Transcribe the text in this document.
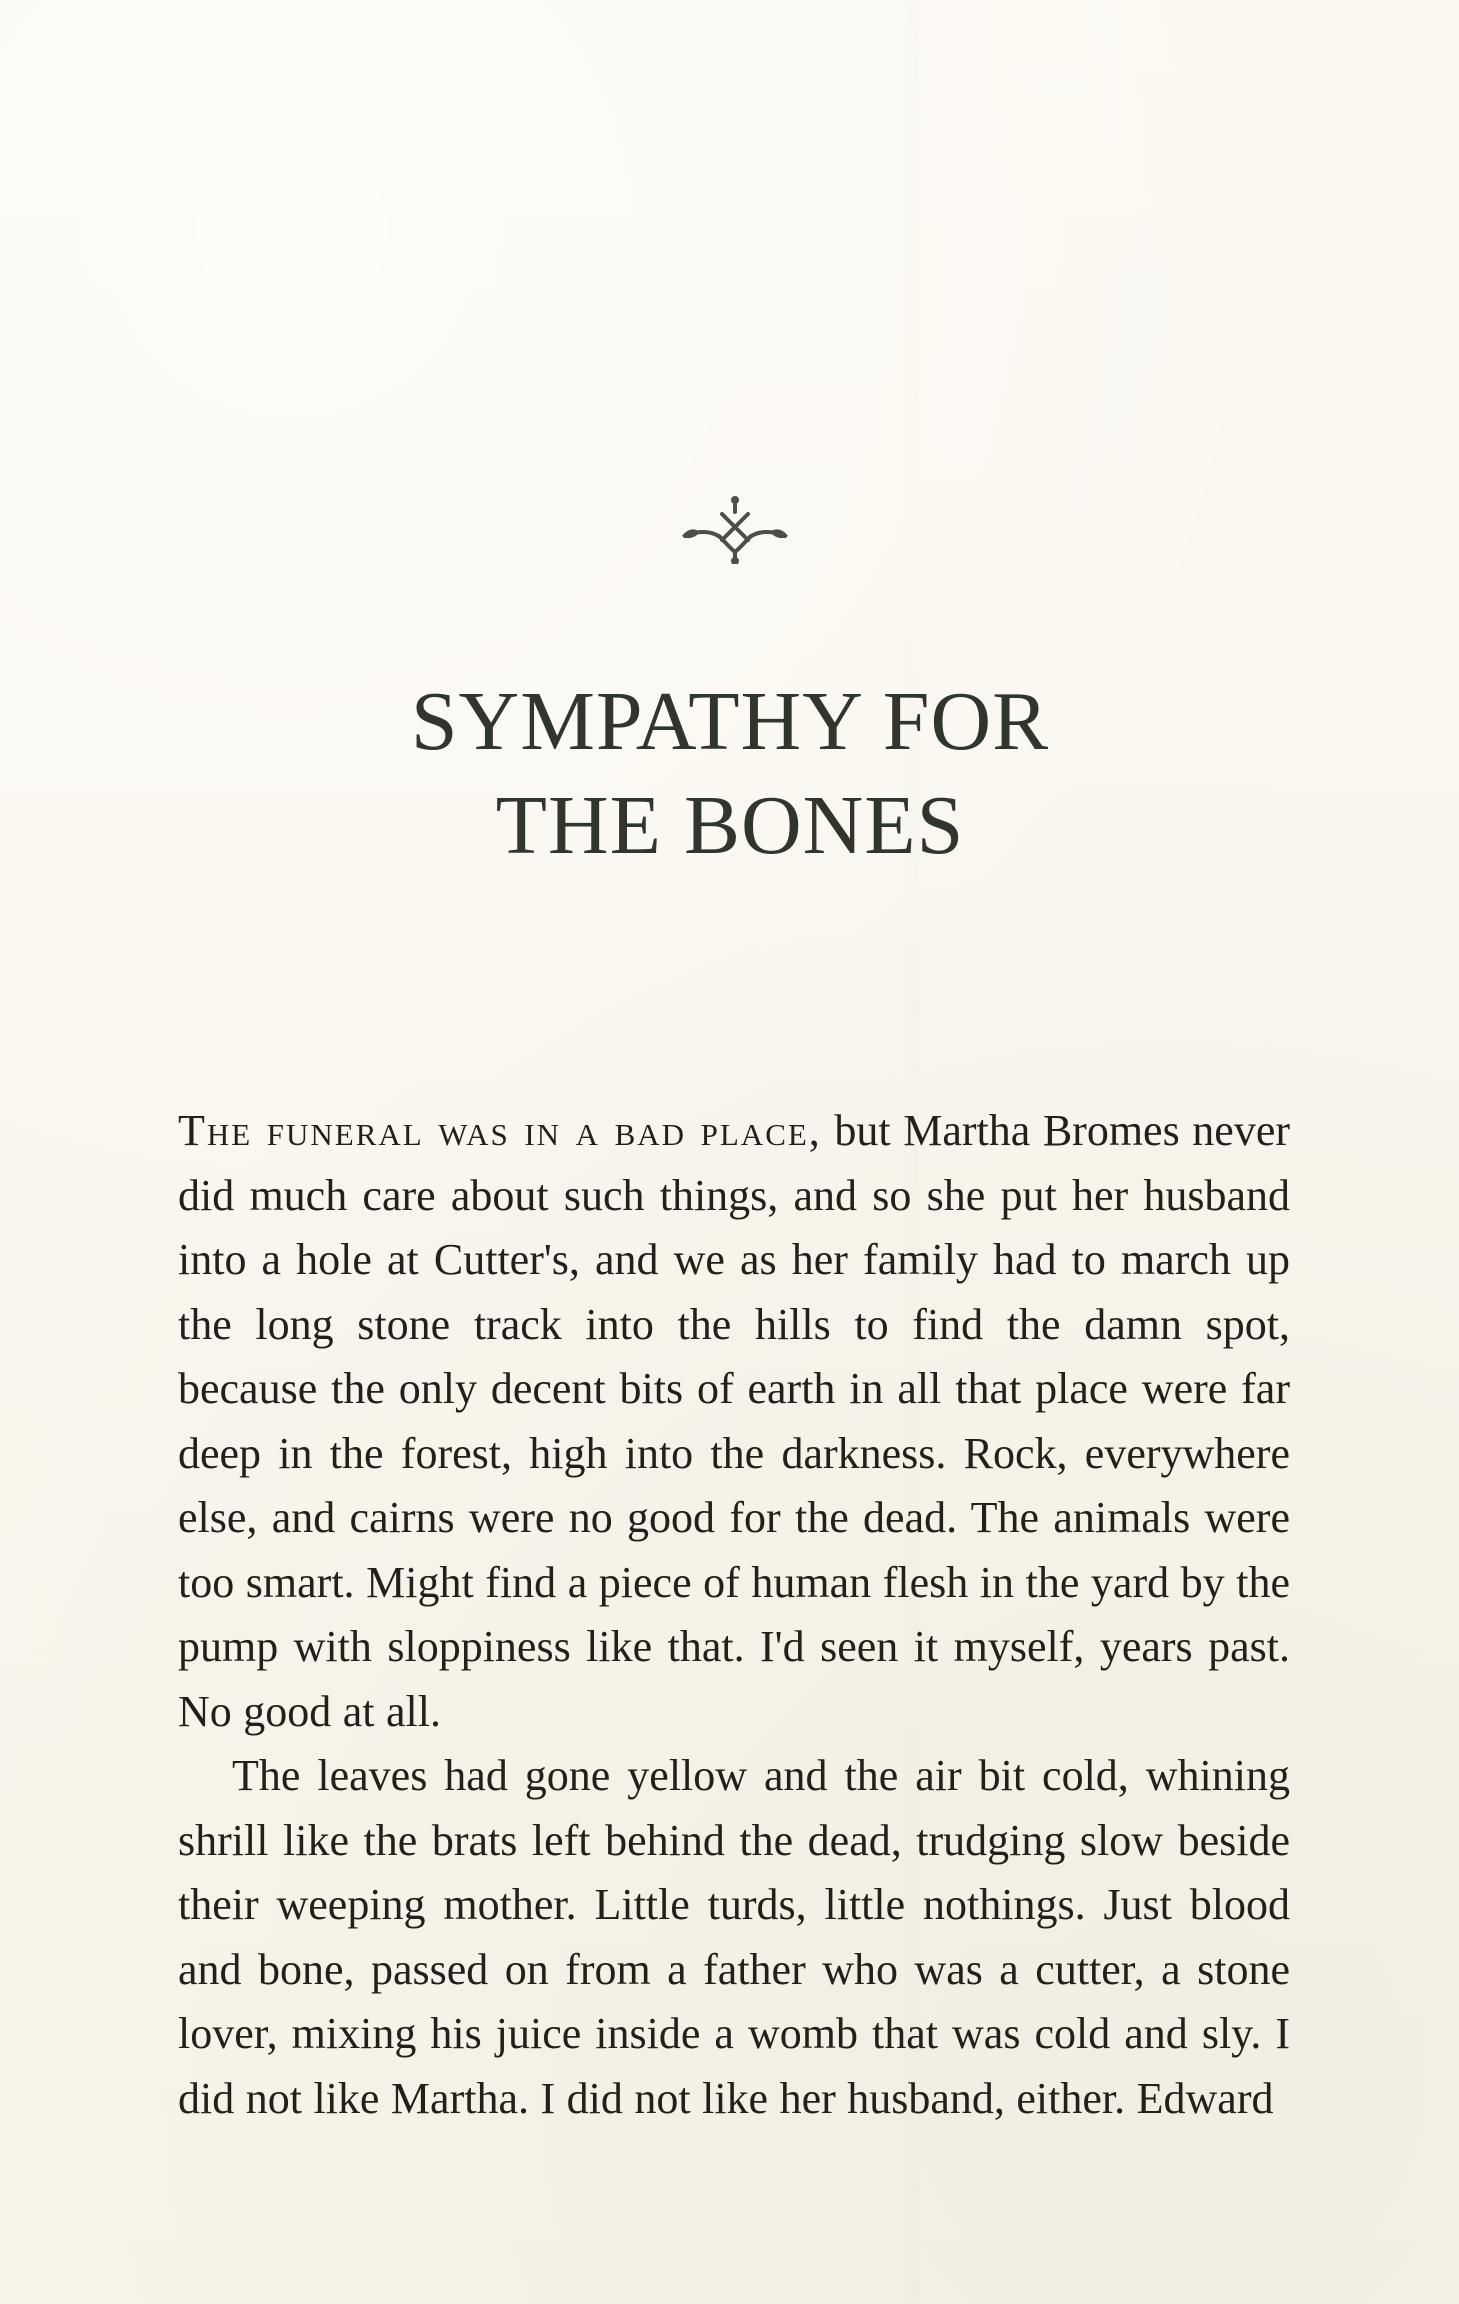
SYMPATHY FOR
THE BONES

The funeral was in a bad place, but Martha Bromes never did much care about such things, and so she put her husband into a hole at Cutter's, and we as her family had to march up the long stone track into the hills to find the damn spot, because the only decent bits of earth in all that place were far deep in the forest, high into the darkness. Rock, everywhere else, and cairns were no good for the dead. The animals were too smart. Might find a piece of human flesh in the yard by the pump with sloppiness like that. I'd seen it myself, years past. No good at all.

The leaves had gone yellow and the air bit cold, whining shrill like the brats left behind the dead, trudging slow beside their weeping mother. Little turds, little nothings. Just blood and bone, passed on from a father who was a cutter, a stone lover, mixing his juice inside a womb that was cold and sly. I did not like Martha. I did not like her husband, either. Edward
